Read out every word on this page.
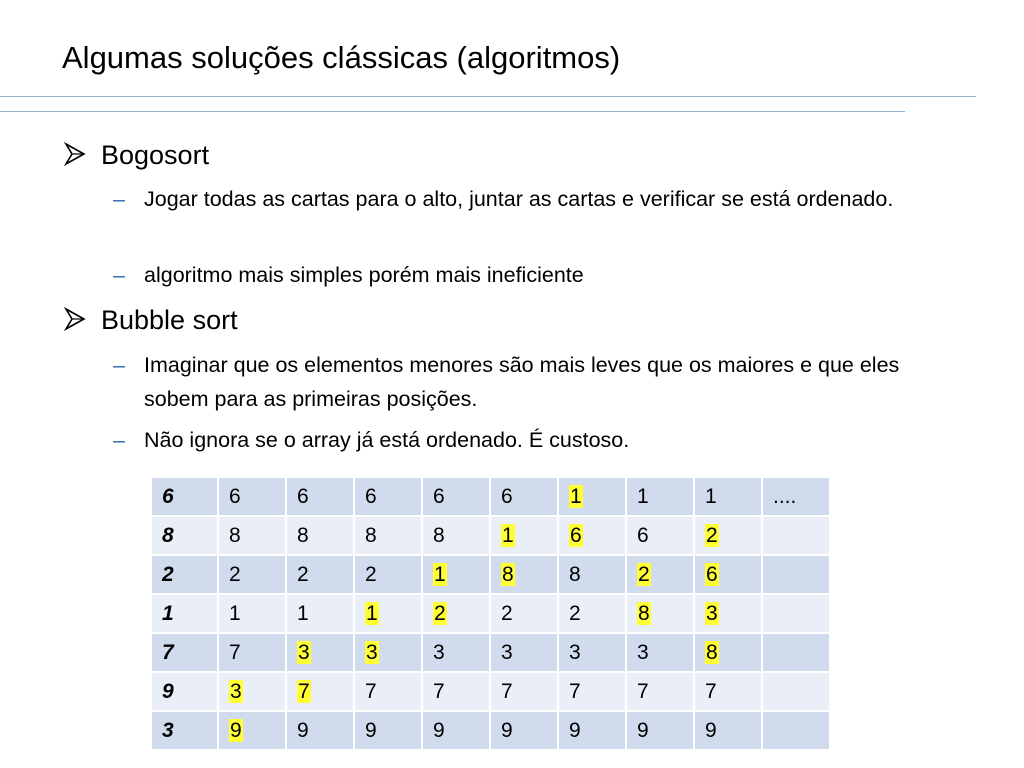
Algumas soluções clássicas (algoritmos)
Bogosort
– Jogar todas as cartas para o alto, juntar as cartas e verificar se está ordenado.
– algoritmo mais simples porém mais ineficiente
Bubble sort
– Imaginar que os elementos menores são mais leves que os maiores e que eles sobem para as primeiras posições.
– Não ignora se o array já está ordenado. É custoso.
6	6	6	6	6	6	1	1	1	....
8	8	8	8	8	1	6	6	2	
2	2	2	2	1	8	8	2	6	
1	1	1	1	2	2	2	8	3	
7	7	3	3	3	3	3	3	8	
9	3	7	7	7	7	7	7	7	
3	9	9	9	9	9	9	9	9	
